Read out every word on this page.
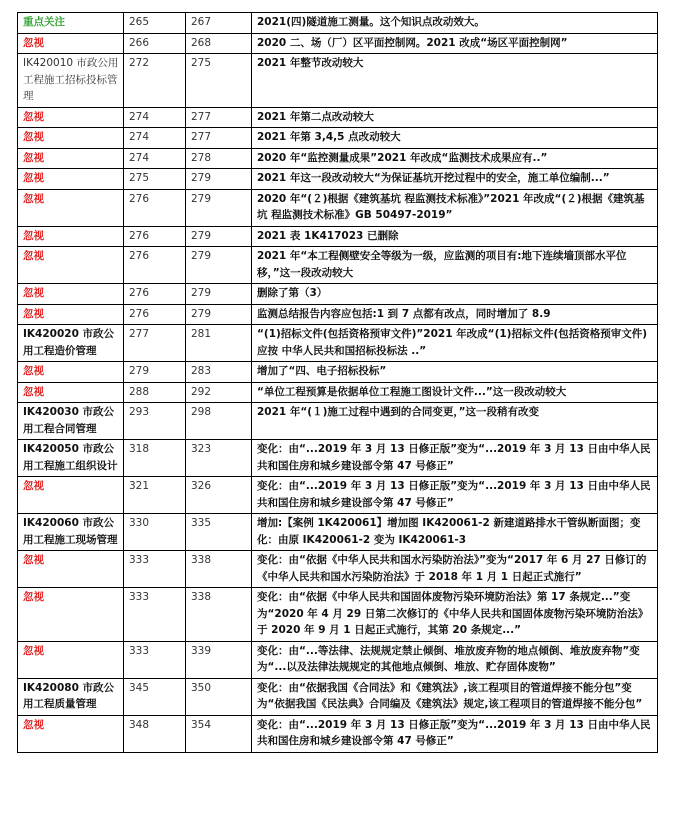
重点关注	265	267	2021(四)隧道施工测量。这个知识点改动效大。
忽视	266	268	2020 二、场（厂）区平面控制网。2021 改成“场区平面控制网”
IK420010 市政公用工程施工招标投标管理	272	275	2021 年整节改动较大
忽视	274	277	2021 年第二点改动较大
忽视	274	277	2021 年第 3,4,5 点改动较大
忽视	274	278	2020 年“监控测量成果”2021 年改成“监测技术成果应有..”
忽视	275	279	2021 年这一段改动较大“为保证基坑开挖过程中的安全，施工单位编制...”
忽视	276	279	2020 年“(２)根据《建筑基坑 程监测技术标准》”2021 年改成“(２)根据《建筑基坑 程监测技术标准》GB 50497-2019”
忽视	276	279	2021 表 1K417023 已删除
忽视	276	279	2021 年“本工程侧壁安全等级为一级，应监测的项目有:地下连续墙顶部水平位移，”这一段改动较大
忽视	276	279	删除了第（3）
忽视	276	279	监测总结报告内容应包括:1 到 7 点都有改点，同时增加了 8.9
IK420020 市政公用工程造价管理	277	281	“(1)招标文件(包括资格预审文件)”2021 年改成“(1)招标文件(包括资格预审文件)应按 中华人民共和国招标投标法 ..”
忽视	279	283	增加了“四、电子招标投标”
忽视	288	292	“单位工程预算是依据单位工程施工图设计文件...”这一段改动较大
IK420030 市政公用工程合同管理	293	298	2021 年“(１)施工过程中遇到的合同变更，”这一段稍有改变
IK420050 市政公用工程施工组织设计	318	323	变化：由“...2019 年 3 月 13 日修正版”变为“...2019 年 3 月 13 日由中华人民共和国住房和城乡建设部令第 47 号修正”
忽视	321	326	变化：由“...2019 年 3 月 13 日修正版”变为“...2019 年 3 月 13 日由中华人民共和国住房和城乡建设部令第 47 号修正”
IK420060 市政公用工程施工现场管理	330	335	增加:【案例 1K420061】增加图 IK420061-2 新建道路排水干管纵断面图；变化：由原 IK420061-2 变为 IK420061-3
忽视	333	338	变化：由“依据《中华人民共和国水污染防治法》”变为“2017 年 6 月 27 日修订的《中华人民共和国水污染防治法》于 2018 年 1 月 1 日起正式施行”
忽视	333	338	变化：由“依据《中华人民共和国固体废物污染环境防治法》第 17 条规定...”变为“2020 年 4 月 29 日第二次修订的《中华人民共和国固体废物污染环境防治法》于 2020 年 9 月 1 日起正式施行，其第 20 条规定...”
忽视	333	339	变化：由“...等法律、法规规定禁止倾倒、堆放废弃物的地点倾倒、堆放废弃物”变为“...以及法律法规规定的其他地点倾倒、堆放、贮存固体废物”
IK420080 市政公用工程质量管理	345	350	变化：由“依据我国《合同法》和《建筑法》,该工程项目的管道焊接不能分包”变为“依据我国《民法典》合同编及《建筑法》规定,该工程项目的管道焊接不能分包”
忽视	348	354	变化：由“...2019 年 3 月 13 日修正版”变为“...2019 年 3 月 13 日由中华人民共和国住房和城乡建设部令第 47 号修正”
